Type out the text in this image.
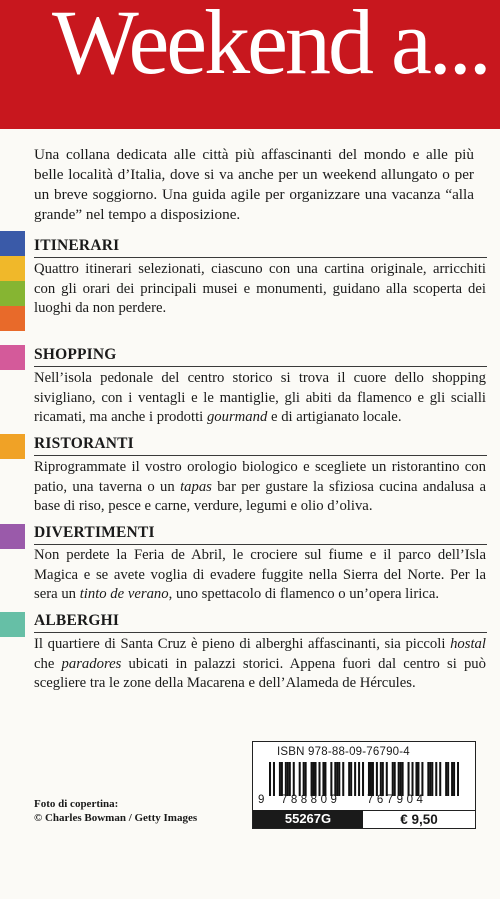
Weekend a...
Una collana dedicata alle città più affascinanti del mondo e alle più belle località d’Italia, dove si va anche per un weekend allungato o per un breve soggiorno. Una guida agile per organizzare una vacanza “alla grande” nel tempo a disposizione.
ITINERARI
Quattro itinerari selezionati, ciascuno con una cartina originale, arricchiti con gli orari dei principali musei e monumenti, guidano alla scoperta dei luoghi da non perdere.
SHOPPING
Nell’isola pedonale del centro storico si trova il cuore dello shopping sivigliano, con i ventagli e le mantiglie, gli abiti da flamenco e gli scialli ricamati, ma anche i prodotti gourmand e di artigianato locale.
RISTORANTI
Riprogrammate il vostro orologio biologico e scegliete un ristorantino con patio, una taverna o un tapas bar per gustare la sfiziosa cucina andalusa a base di riso, pesce e carne, verdure, legumi e olio d’oliva.
DIVERTIMENTI
Non perdete la Feria de Abril, le crociere sul fiume e il parco dell’Isla Magica e se avete voglia di evadere fuggite nella Sierra del Norte. Per la sera un tinto de verano, uno spettacolo di flamenco o un’opera lirica.
ALBERGHI
Il quartiere di Santa Cruz è pieno di alberghi affascinanti, sia piccoli hostal che paradores ubicati in palazzi storici. Appena fuori dal centro si può scegliere tra le zone della Macarena e dell’Alameda de Hércules.
Foto di copertina:
© Charles Bowman / Getty Images
ISBN 978-88-09-76790-4
9 788809 767904
55267G	€ 9,50
